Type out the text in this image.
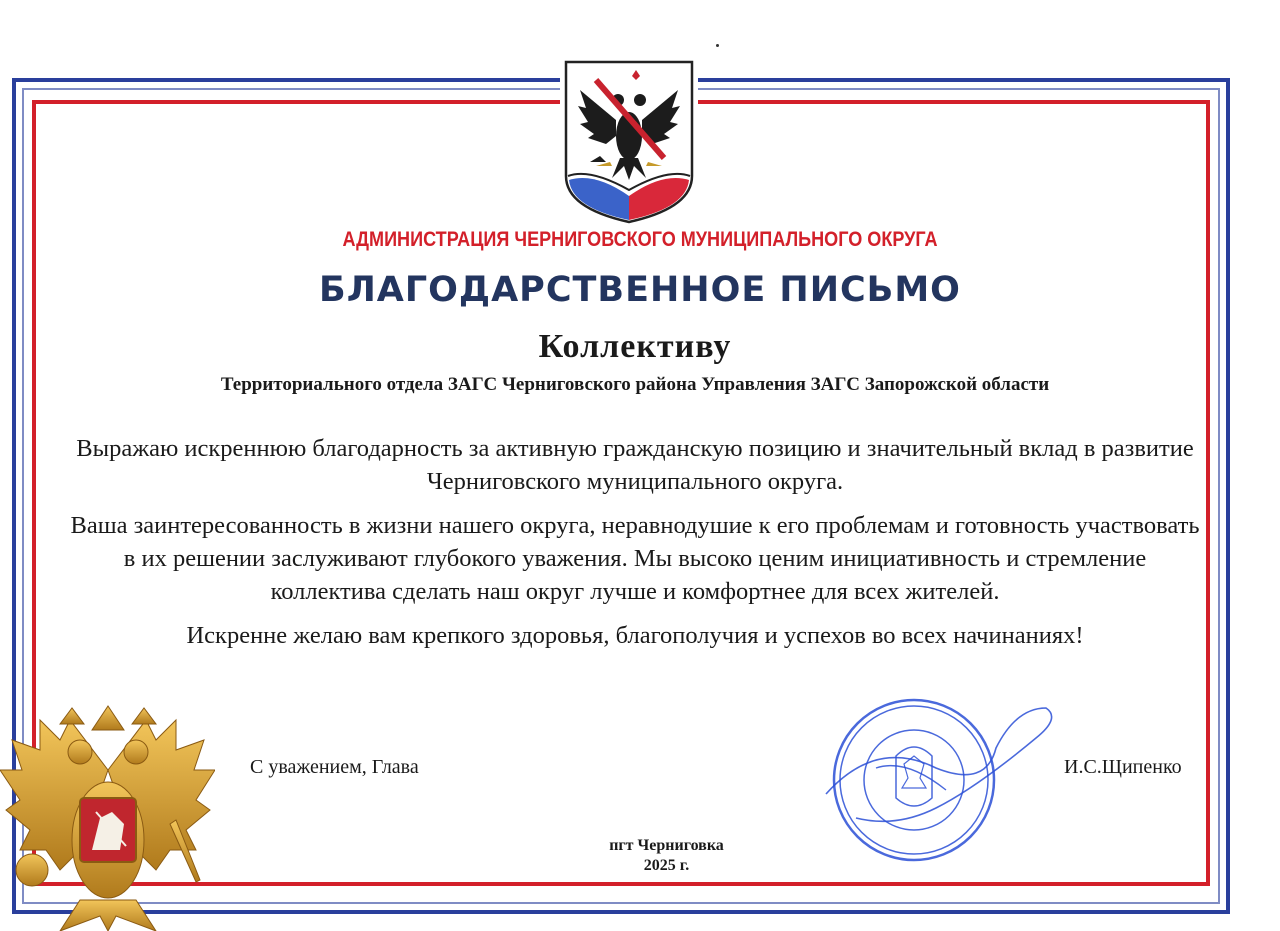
АДМИНИСТРАЦИЯ ЧЕРНИГОВСКОГО МУНИЦИПАЛЬНОГО ОКРУГА
БЛАГОДАРСТВЕННОЕ ПИСЬМО
Коллективу
Территориального отдела ЗАГС Черниговского района Управления ЗАГС Запорожской области

Выражаю искреннюю благодарность за активную гражданскую позицию и значительный вклад в развитие Черниговского муниципального округа.

Ваша заинтересованность в жизни нашего округа, неравнодушие к его проблемам и готовность участвовать в их решении заслуживают глубокого уважения. Мы высоко ценим инициативность и стремление коллектива сделать наш округ лучше и комфортнее для всех жителей.

Искренне желаю вам крепкого здоровья, благополучия и успехов во всех начинаниях!

С уважением, Глава	И.С.Щипенко
пгт Черниговка
2025 г.
